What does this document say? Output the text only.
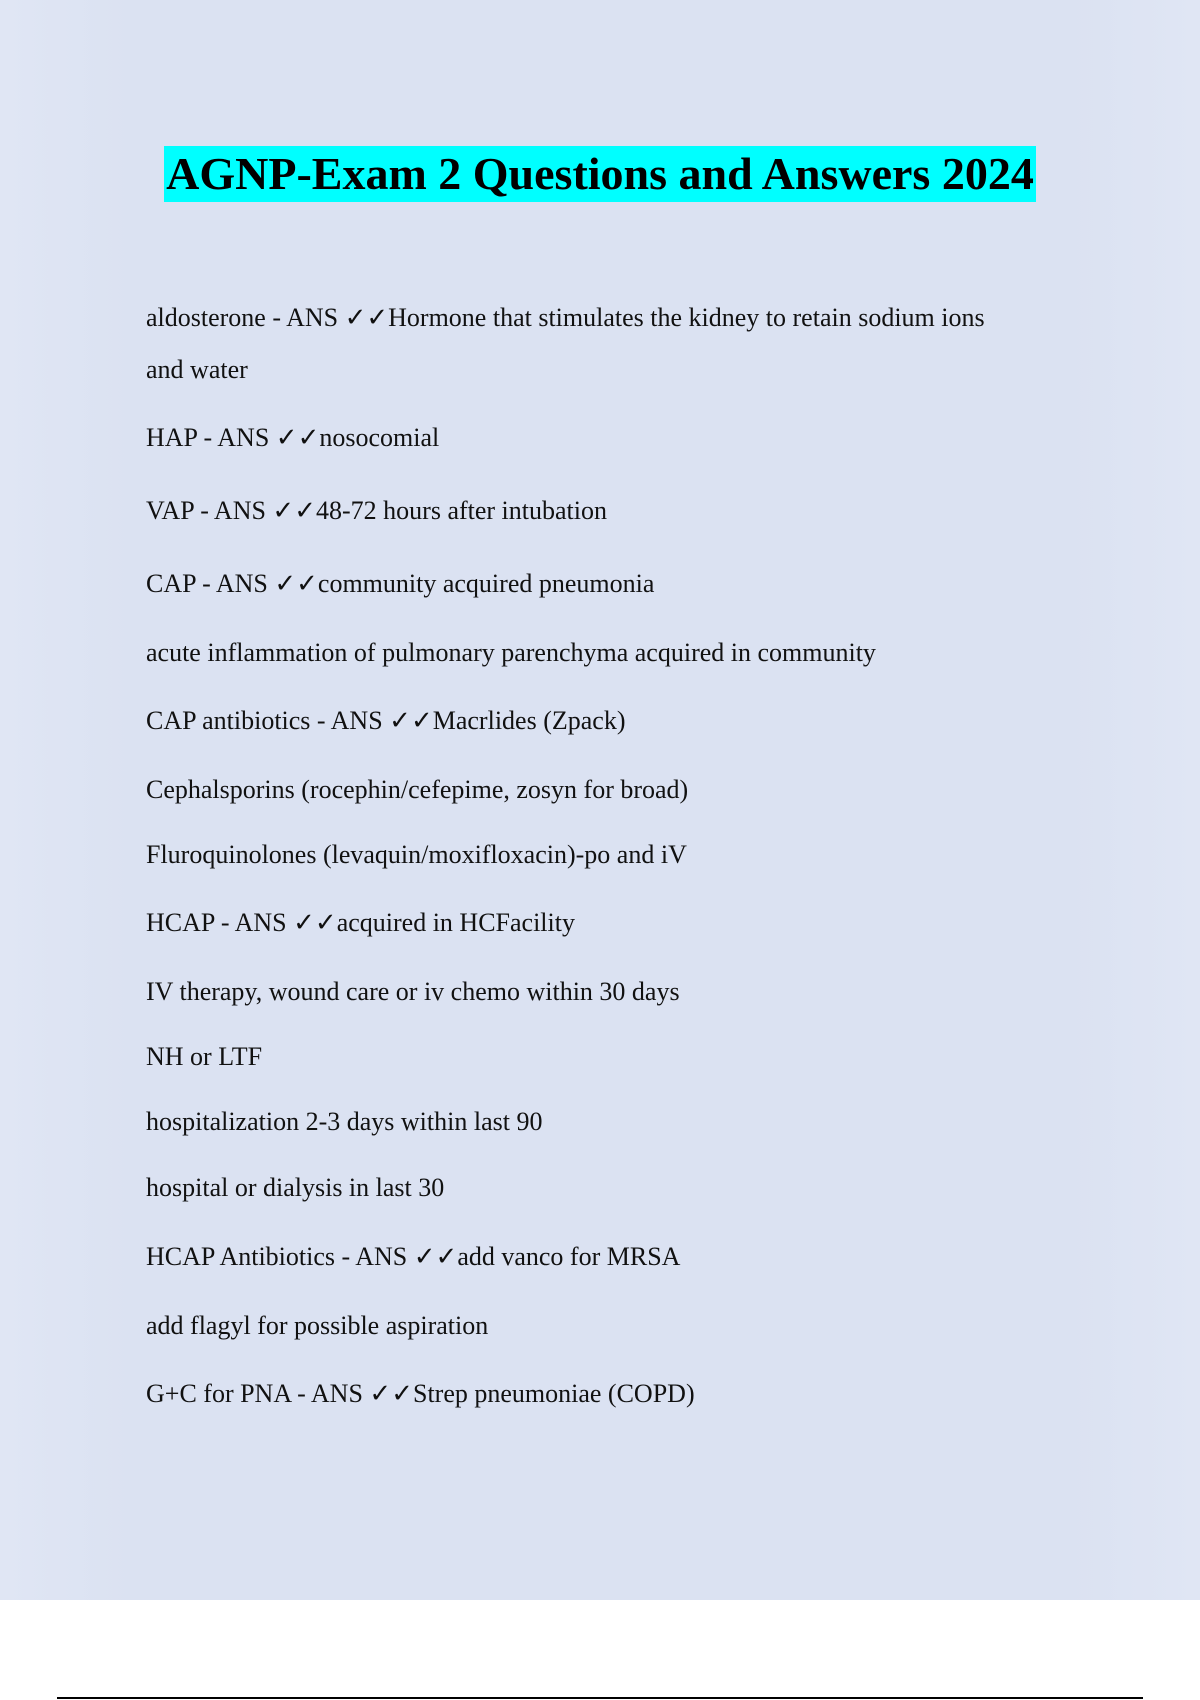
AGNP-Exam 2 Questions and Answers 2024
aldosterone - ANS ✓✓Hormone that stimulates the kidney to retain sodium ions
and water
HAP - ANS ✓✓nosocomial
VAP - ANS ✓✓48-72 hours after intubation
CAP - ANS ✓✓community acquired pneumonia
acute inflammation of pulmonary parenchyma acquired in community
CAP antibiotics - ANS ✓✓Macrlides (Zpack)
Cephalsporins (rocephin/cefepime, zosyn for broad)
Fluroquinolones (levaquin/moxifloxacin)-po and iV
HCAP - ANS ✓✓acquired in HCFacility
IV therapy, wound care or iv chemo within 30 days
NH or LTF
hospitalization 2-3 days within last 90
hospital or dialysis in last 30
HCAP Antibiotics - ANS ✓✓add vanco for MRSA
add flagyl for possible aspiration
G+C for PNA - ANS ✓✓Strep pneumoniae (COPD)
